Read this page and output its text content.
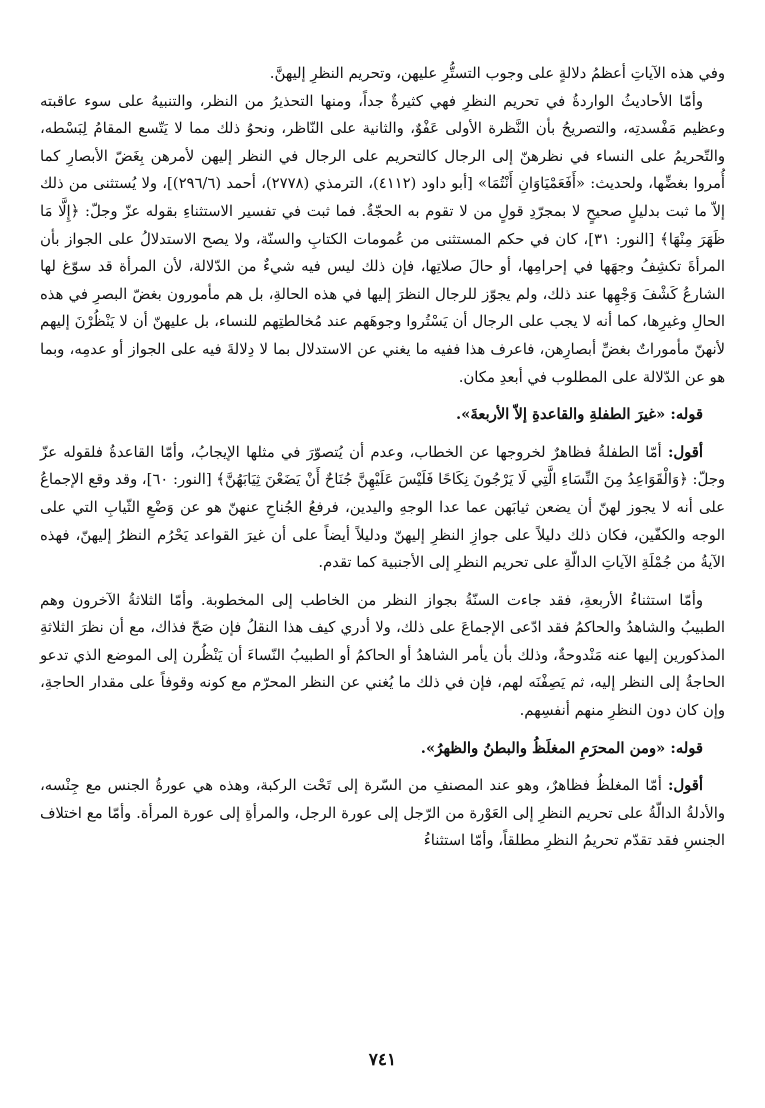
وفي هذه الآياتِ أعظمُ دلالةٍ على وجوب التستُّرِ عليهن، وتحريم النظرِ إليهنَّ.

وأمّا الأحاديثُ الواردةُ في تحريم النظرِ فهي كثيرةٌ جداً، ومنها التحذيرُ من النظر، والتنبيهُ على سوء عاقبته وعظيم مَفْسدتِه، والتصريحُ بأن النَّظرة الأولى عَفْوٌ، والثانية على النّاظر، ونحوُ ذلك مما لا يَتّسع المقامُ لِبَسْطه، والتّحريمُ على النساء في نظرهنّ إلى الرجال كالتحريم على الرجال في النظر إليهن لأمرهن بِغَضّ الأبصارِ كما أُمروا بغضِّها، ولحديث: «أَفَعَمْيَاوَانِ أَنْتُمَا» [أبو داود (٤١١٢)، الترمذي (٢٧٧٨)، أحمد (٢٩٦/٦)]، ولا يُستثنى من ذلك إلاّ ما ثبت بدليلٍ صحيحٍ لا بمجرّدِ قولٍ من لا تقوم به الحجّةُ. فما ثبت في تفسير الاستثناءِ بقوله عزّ وجلّ: ﴿إِلَّا مَا ظَهَرَ مِنْهَا﴾ [النور: ٣١]، كان في حكم المستثنى من عُمومات الكتابِ والسنّة، ولا يصح الاستدلالُ على الجواز بأن المرأةَ تكشِفُ وجهَها في إحرامِها، أو حالَ صلاتِها، فإن ذلك ليس فيه شيءٌ من الدّلالة، لأن المرأة قد سوّغ لها الشارعُ كَشْفَ وَجْهِها عند ذلك، ولم يجوّز للرجال النظرَ إليها في هذه الحالةِ، بل هم مأمورون بغضّ البصرِ في هذه الحالِ وغيرِها، كما أنه لا يجب على الرجال أن يَسْتُروا وجوهَهم عند مُخالطتِهم للنساء، بل عليهنّ أن لا يَنْظُرْنَ إليهم لأنهنّ مأموراتٌ بغضِّ أبصارِهن، فاعرف هذا ففيه ما يغني عن الاستدلال بما لا دِلالةَ فيه على الجواز أو عدمِه، وبما هو عن الدّلالة على المطلوب في أبعدِ مكان.

قوله: «غيرَ الطفلةِ والقاعدةِ إلاّ الأربعةَ».

أقول: أمّا الطفلةُ فظاهرٌ لخروجها عن الخطاب، وعدم أن يُتصوّرَ في مثلها الإيجابُ، وأمّا القاعدةُ فلقوله عزّ وجلّ: ﴿وَالْقَوَاعِدُ مِنَ النِّسَاءِ الَّتِي لَا يَرْجُونَ نِكَاحًا فَلَيْسَ عَلَيْهِنَّ جُنَاحٌ أَنْ يَضَعْنَ ثِيَابَهُنَّ﴾ [النور: ٦٠]، وقد وقع الإجماعُ على أنه لا يجوز لهنّ أن يضعن ثيابَهن عما عدا الوجهِ واليدين، فرفعُ الجُناحِ عنهنّ هو عن وَضْعِ الثّيابِ التي على الوجه والكفّين، فكان ذلك دليلاً على جوازِ النظرِ إليهنّ ودليلاً أيضاً على أن غيرَ القواعد يَحْرُم النظرُ إليهنّ، فهذه الآيةُ من جُمْلَةِ الآياتِ الدالّةِ على تحريم النظرِ إلى الأجنبية كما تقدم.

وأمّا استثناءُ الأربعةِ، فقد جاءت السنّةُ بجواز النظر من الخاطب إلى المخطوبة. وأمّا الثلاثةُ الآخرون وهم الطبيبُ والشاهدُ والحاكمُ فقد ادّعى الإجماعَ على ذلك، ولا أدري كيف هذا النقلُ فإن صَحّ فذاك، مع أن نظرَ الثلاثةِ المذكورين إليها عنه مَنْدوحةٌ، وذلك بأن يأمر الشاهدُ أو الحاكمُ أو الطبيبُ النّساءَ أن يَنْظُرن إلى الموضع الذي تدعو الحاجةُ إلى النظر إليه، ثم يَصِفْنَه لهم، فإن في ذلك ما يُغني عن النظر المحرّم مع كونه وقوفاً على مقدار الحاجةِ، وإن كان دون النظرِ منهم أنفسِهم.

قوله: «ومن المحرَمِ المغلَظُ والبطنُ والظهرُ».

أقول: أمّا المغلظُ فظاهرٌ، وهو عند المصنفِ من السّرة إلى تَحْت الركبة، وهذه هي عورةُ الجنس مع جِنْسه، والأدلةُ الدالّةُ على تحريم النظرِ إلى العَوْرة من الرّجل إلى عورة الرجل، والمرأةِ إلى عورة المرأة. وأمّا مع اختلاف الجنسِ فقد تقدّم تحريمُ النظرِ مطلقاً، وأمّا استثناءُ

٧٤١
